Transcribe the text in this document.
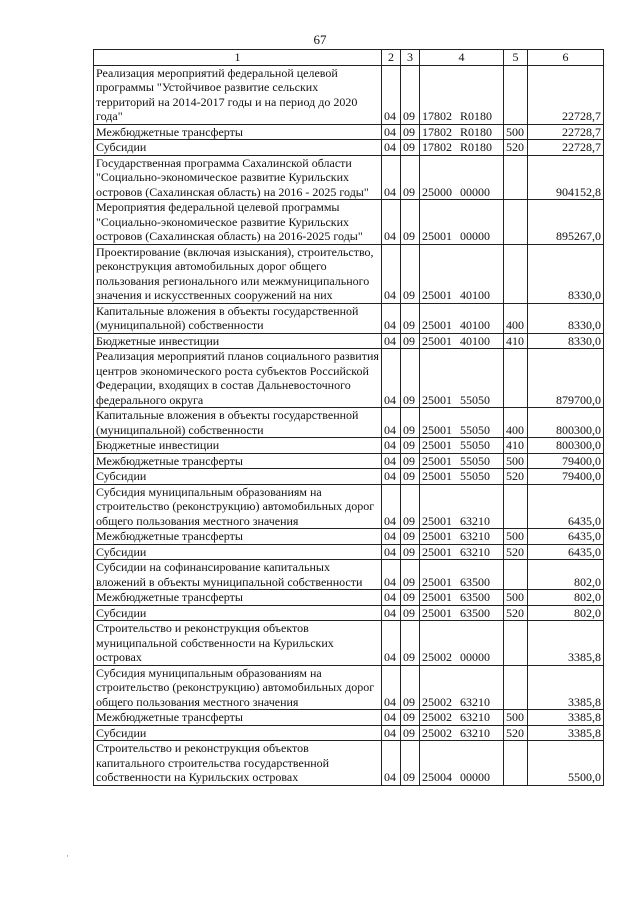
67
1	2	3	4	5	6
Реализация мероприятий федеральной целевой программы "Устойчивое развитие сельских территорий на 2014-2017 годы и на период до 2020 года"	04	09	17802 R0180		22728,7
Межбюджетные трансферты	04	09	17802 R0180	500	22728,7
Субсидии	04	09	17802 R0180	520	22728,7
Государственная программа Сахалинской области "Социально-экономическое развитие Курильских островов (Сахалинская область) на 2016 - 2025 годы"	04	09	25000 00000		904152,8
Мероприятия федеральной целевой программы "Социально-экономическое развитие Курильских островов (Сахалинская область) на 2016-2025 годы"	04	09	25001 00000		895267,0
Проектирование (включая изыскания), строительство, реконструкция автомобильных дорог общего пользования регионального или межмуниципального значения и искусственных сооружений на них	04	09	25001 40100		8330,0
Капитальные вложения в объекты государственной (муниципальной) собственности	04	09	25001 40100	400	8330,0
Бюджетные инвестиции	04	09	25001 40100	410	8330,0
Реализация мероприятий планов социального развития центров экономического роста субъектов Российской Федерации, входящих в состав Дальневосточного федерального округа	04	09	25001 55050		879700,0
Капитальные вложения в объекты государственной (муниципальной) собственности	04	09	25001 55050	400	800300,0
Бюджетные инвестиции	04	09	25001 55050	410	800300,0
Межбюджетные трансферты	04	09	25001 55050	500	79400,0
Субсидии	04	09	25001 55050	520	79400,0
Субсидия муниципальным образованиям на строительство (реконструкцию) автомобильных дорог общего пользования местного значения	04	09	25001 63210		6435,0
Межбюджетные трансферты	04	09	25001 63210	500	6435,0
Субсидии	04	09	25001 63210	520	6435,0
Субсидии на софинансирование капитальных вложений в объекты муниципальной собственности	04	09	25001 63500		802,0
Межбюджетные трансферты	04	09	25001 63500	500	802,0
Субсидии	04	09	25001 63500	520	802,0
Строительство и реконструкция объектов муниципальной собственности на Курильских островах	04	09	25002 00000		3385,8
Субсидия муниципальным образованиям на строительство (реконструкцию) автомобильных дорог общего пользования местного значения	04	09	25002 63210		3385,8
Межбюджетные трансферты	04	09	25002 63210	500	3385,8
Субсидии	04	09	25002 63210	520	3385,8
Строительство и реконструкция объектов капитального строительства государственной собственности на Курильских островах	04	09	25004 00000		5500,0
·
